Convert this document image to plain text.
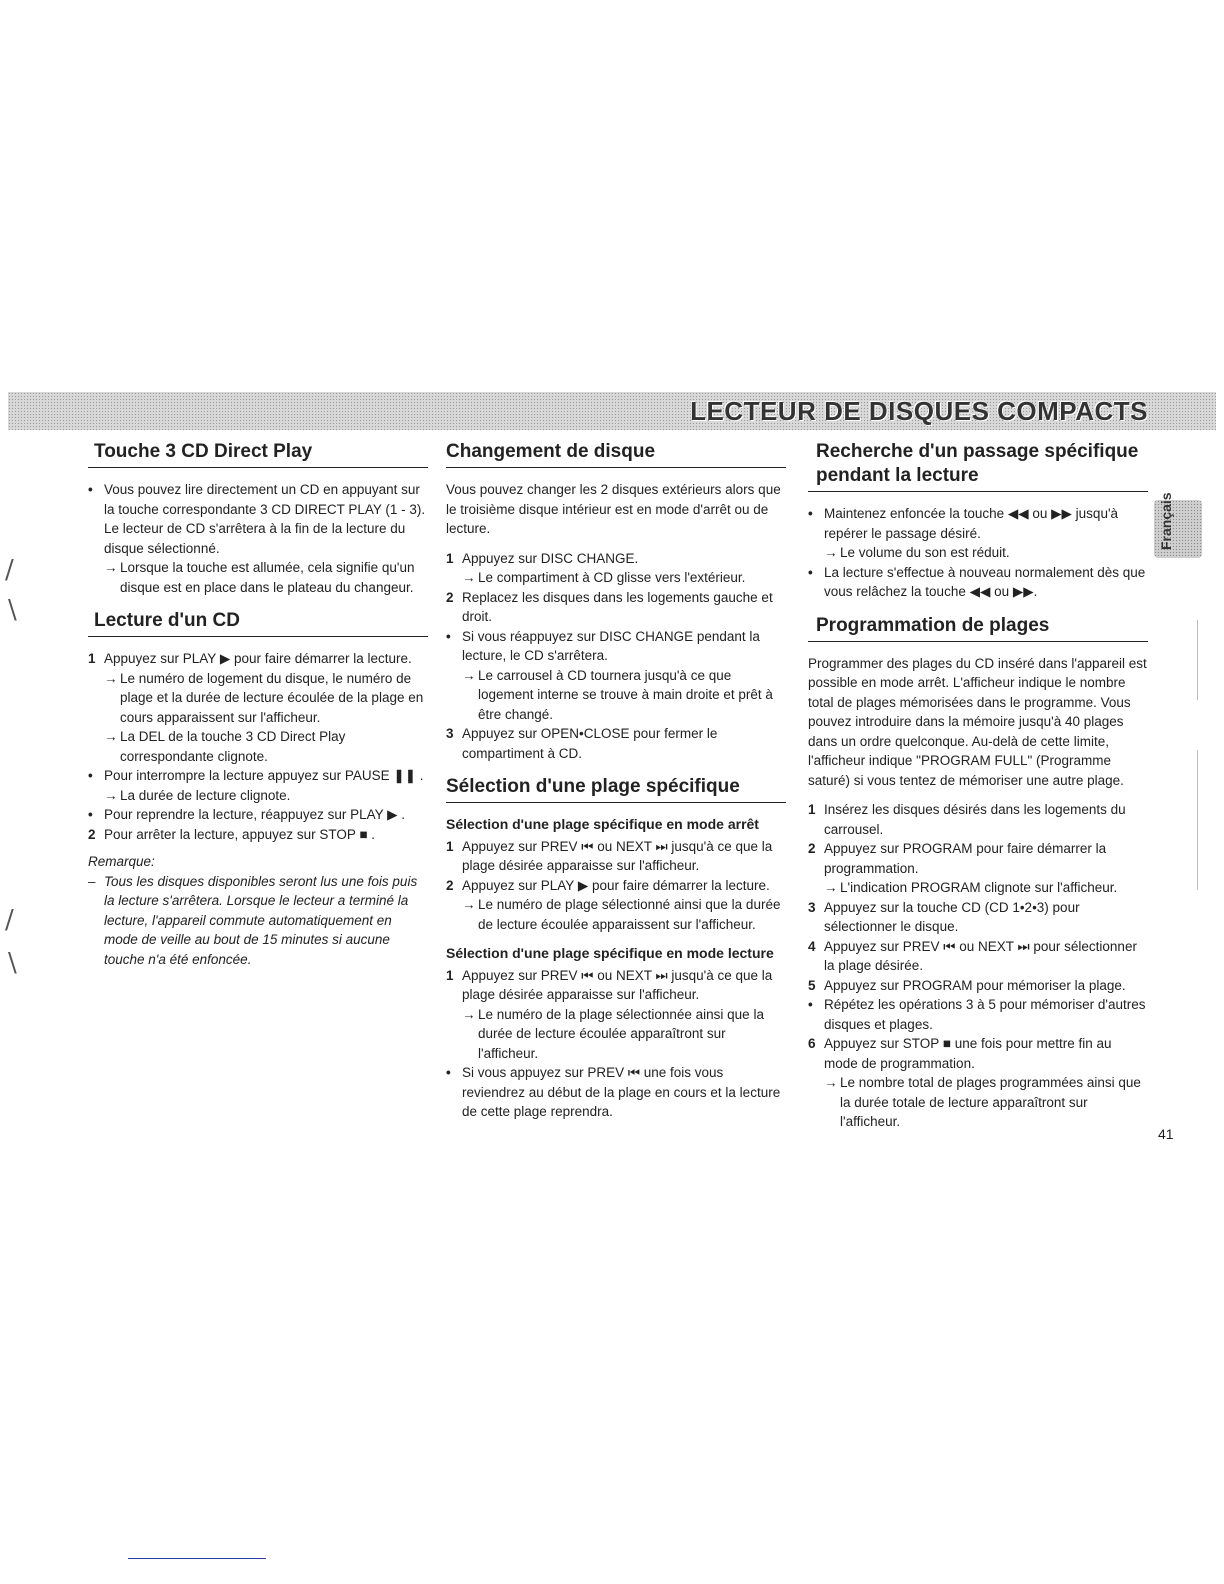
LECTEUR DE DISQUES COMPACTS
Français
/
\
/
\
Touche 3 CD Direct Play
• Vous pouvez lire directement un CD en appuyant sur la touche correspondante 3 CD DIRECT PLAY (1 - 3). Le lecteur de CD s'arrêtera à la fin de la lecture du disque sélectionné.
→ Lorsque la touche est allumée, cela signifie qu'un disque est en place dans le plateau du changeur.
Lecture d'un CD
1 Appuyez sur PLAY ▶ pour faire démarrer la lecture.
→ Le numéro de logement du disque, le numéro de plage et la durée de lecture écoulée de la plage en cours apparaissent sur l'afficheur.
→ La DEL de la touche 3 CD Direct Play correspondante clignote.
• Pour interrompre la lecture appuyez sur PAUSE ❚❚ .
→ La durée de lecture clignote.
• Pour reprendre la lecture, réappuyez sur PLAY ▶ .
2 Pour arrêter la lecture, appuyez sur STOP ■ .
Remarque:
– Tous les disques disponibles seront lus une fois puis la lecture s'arrêtera. Lorsque le lecteur a terminé la lecture, l'appareil commute automatiquement en mode de veille au bout de 15 minutes si aucune touche n'a été enfoncée.
Changement de disque

Vous pouvez changer les 2 disques extérieurs alors que le troisième disque intérieur est en mode d'arrêt ou de lecture.

1 Appuyez sur DISC CHANGE.
→ Le compartiment à CD glisse vers l'extérieur.
2 Replacez les disques dans les logements gauche et droit.
• Si vous réappuyez sur DISC CHANGE pendant la lecture, le CD s'arrêtera.
→ Le carrousel à CD tournera jusqu'à ce que logement interne se trouve à main droite et prêt à être changé.
3 Appuyez sur OPEN•CLOSE pour fermer le compartiment à CD.
Sélection d'une plage spécifique
Sélection d'une plage spécifique en mode arrêt
1 Appuyez sur PREV ⏮ ou NEXT ⏭ jusqu'à ce que la plage désirée apparaisse sur l'afficheur.
2 Appuyez sur PLAY ▶ pour faire démarrer la lecture.
→ Le numéro de plage sélectionné ainsi que la durée de lecture écoulée apparaissent sur l'afficheur.
Sélection d'une plage spécifique en mode lecture
1 Appuyez sur PREV ⏮ ou NEXT ⏭ jusqu'à ce que la plage désirée apparaisse sur l'afficheur.
→ Le numéro de la plage sélectionnée ainsi que la durée de lecture écoulée apparaîtront sur l'afficheur.
• Si vous appuyez sur PREV ⏮ une fois vous reviendrez au début de la plage en cours et la lecture de cette plage reprendra.
Recherche d'un passage spécifique pendant la lecture
• Maintenez enfoncée la touche ◀◀ ou ▶▶ jusqu'à repérer le passage désiré.
→ Le volume du son est réduit.
• La lecture s'effectue à nouveau normalement dès que vous relâchez la touche ◀◀ ou ▶▶.
Programmation de plages

Programmer des plages du CD inséré dans l'appareil est possible en mode arrêt. L'afficheur indique le nombre total de plages mémorisées dans le programme. Vous pouvez introduire dans la mémoire jusqu'à 40 plages dans un ordre quelconque. Au-delà de cette limite, l'afficheur indique "PROGRAM FULL" (Programme saturé) si vous tentez de mémoriser une autre plage.

1 Insérez les disques désirés dans les logements du carrousel.
2 Appuyez sur PROGRAM pour faire démarrer la programmation.
→ L'indication PROGRAM clignote sur l'afficheur.
3 Appuyez sur la touche CD (CD 1•2•3) pour sélectionner le disque.
4 Appuyez sur PREV ⏮ ou NEXT ⏭ pour sélectionner la plage désirée.
5 Appuyez sur PROGRAM pour mémoriser la plage.
• Répétez les opérations 3 à 5 pour mémoriser d'autres disques et plages.
6 Appuyez sur STOP ■ une fois pour mettre fin au mode de programmation.
→ Le nombre total de plages programmées ainsi que la durée totale de lecture apparaîtront sur l'afficheur.
41
